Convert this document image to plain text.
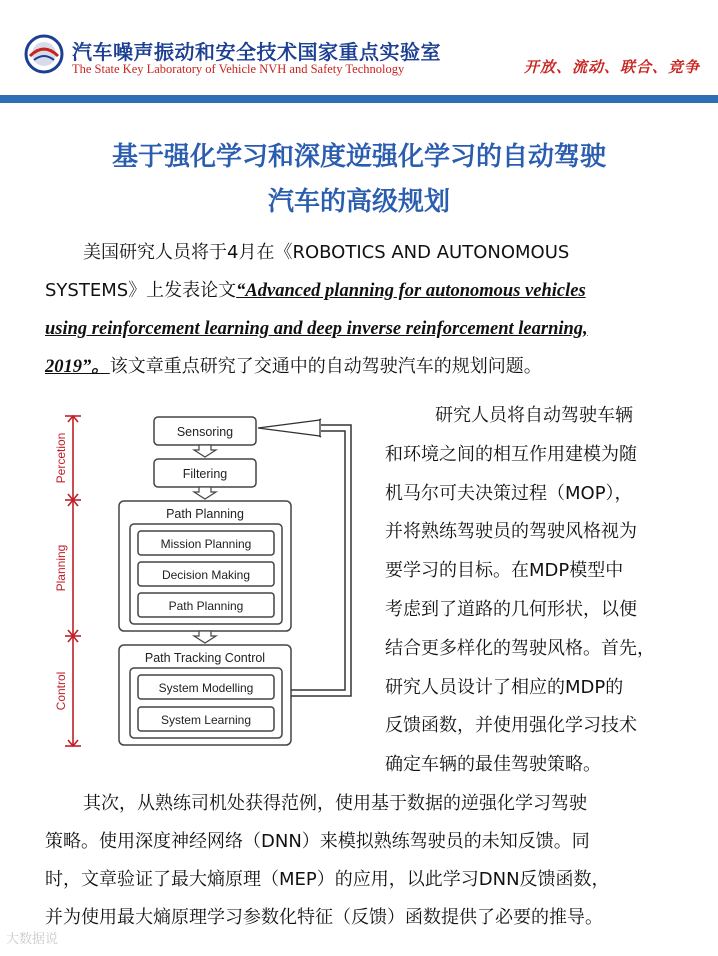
汽车噪声振动和安全技术国家重点实验室
The State Key Laboratory of Vehicle NVH and Safety Technology	开放、流动、联合、竞争
基于强化学习和深度逆强化学习的自动驾驶
汽车的高级规划
美国研究人员将于4月在《ROBOTICS AND AUTONOMOUS
SYSTEMS》上发表论文“Advanced planning for autonomous vehicles
using reinforcement learning and deep inverse reinforcement learning,
2019”。该文章重点研究了交通中的自动驾驶汽车的规划问题。
Percetion
Planning
Control
Sensoring
Filtering
Path Planning
Mission Planning
Decision Making
Path Planning
Path Tracking Control
System Modelling
System Learning
研究人员将自动驾驶车辆
和环境之间的相互作用建模为随
机马尔可夫决策过程（MOP），
并将熟练驾驶员的驾驶风格视为
要学习的目标。在MDP模型中
考虑到了道路的几何形状，以便
结合更多样化的驾驶风格。首先，
研究人员设计了相应的MDP的
反馈函数，并使用强化学习技术
确定车辆的最佳驾驶策略。
其次，从熟练司机处获得范例，使用基于数据的逆强化学习驾驶
策略。使用深度神经网络（DNN）来模拟熟练驾驶员的未知反馈。同
时，文章验证了最大熵原理（MEP）的应用，以此学习DNN反馈函数，
并为使用最大熵原理学习参数化特征（反馈）函数提供了必要的推导。
大数据说
